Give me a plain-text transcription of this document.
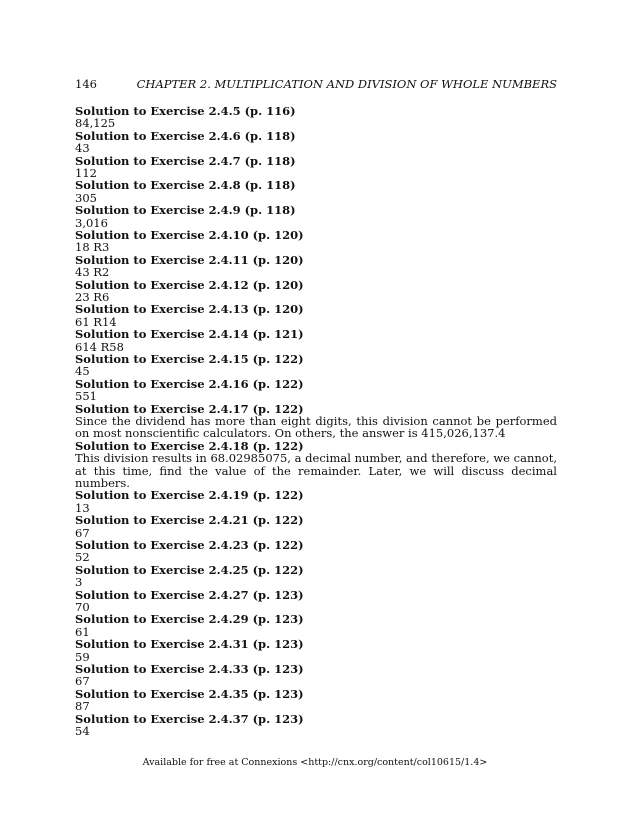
146	CHAPTER 2. MULTIPLICATION AND DIVISION OF WHOLE NUMBERS
Solution to Exercise 2.4.5 (p. 116)
84,125
Solution to Exercise 2.4.6 (p. 118)
43
Solution to Exercise 2.4.7 (p. 118)
112
Solution to Exercise 2.4.8 (p. 118)
305
Solution to Exercise 2.4.9 (p. 118)
3,016
Solution to Exercise 2.4.10 (p. 120)
18 R3
Solution to Exercise 2.4.11 (p. 120)
43 R2
Solution to Exercise 2.4.12 (p. 120)
23 R6
Solution to Exercise 2.4.13 (p. 120)
61 R14
Solution to Exercise 2.4.14 (p. 121)
614 R58
Solution to Exercise 2.4.15 (p. 122)
45
Solution to Exercise 2.4.16 (p. 122)
551
Solution to Exercise 2.4.17 (p. 122)
Since the dividend has more than eight digits, this division cannot be performed on most nonscientific calculators. On others, the answer is 415,026,137.4
Solution to Exercise 2.4.18 (p. 122)
This division results in 68.02985075, a decimal number, and therefore, we cannot, at this time, find the value of the remainder. Later, we will discuss decimal numbers.
Solution to Exercise 2.4.19 (p. 122)
13
Solution to Exercise 2.4.21 (p. 122)
67
Solution to Exercise 2.4.23 (p. 122)
52
Solution to Exercise 2.4.25 (p. 122)
3
Solution to Exercise 2.4.27 (p. 123)
70
Solution to Exercise 2.4.29 (p. 123)
61
Solution to Exercise 2.4.31 (p. 123)
59
Solution to Exercise 2.4.33 (p. 123)
67
Solution to Exercise 2.4.35 (p. 123)
87
Solution to Exercise 2.4.37 (p. 123)
54
Available for free at Connexions <http://cnx.org/content/col10615/1.4>
